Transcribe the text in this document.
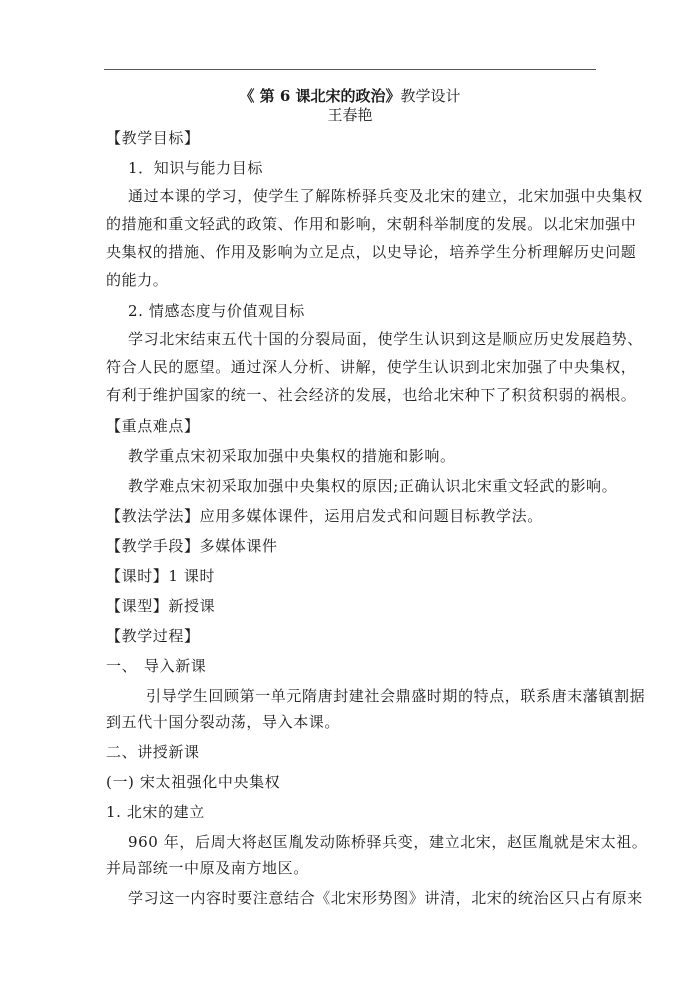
《 第 6 课北宋的政治》教学设计
王春艳
【教学目标】
1．知识与能力目标
通过本课的学习，使学生了解陈桥驿兵变及北宋的建立，北宋加强中央集权
的措施和重文轻武的政策、作用和影响，宋朝科举制度的发展。以北宋加强中
央集权的措施、作用及影响为立足点，以史导论，培养学生分析理解历史问题
的能力。
2. 情感态度与价值观目标
学习北宋结束五代十国的分裂局面，使学生认识到这是顺应历史发展趋势、
符合人民的愿望。通过深人分析、讲解，使学生认识到北宋加强了中央集权，
有利于维护国家的统一、社会经济的发展，也给北宋种下了积贫积弱的祸根。
【重点难点】
教学重点宋初采取加强中央集权的措施和影响。
教学难点宋初采取加强中央集权的原因;正确认识北宋重文轻武的影响。
【教法学法】应用多媒体课件，运用启发式和问题目标教学法。
【教学手段】多媒体课件
【课时】1 课时
【课型】新授课
【教学过程】
一、 导入新课
引导学生回顾第一单元隋唐封建社会鼎盛时期的特点，联系唐末藩镇割据
到五代十国分裂动荡，导入本课。
二、讲授新课
(一) 宋太祖强化中央集权
1. 北宋的建立
960 年，后周大将赵匡胤发动陈桥驿兵变，建立北宋，赵匡胤就是宋太祖。
并局部统一中原及南方地区。
学习这一内容时要注意结合《北宋形势图》讲清，北宋的统治区只占有原来
